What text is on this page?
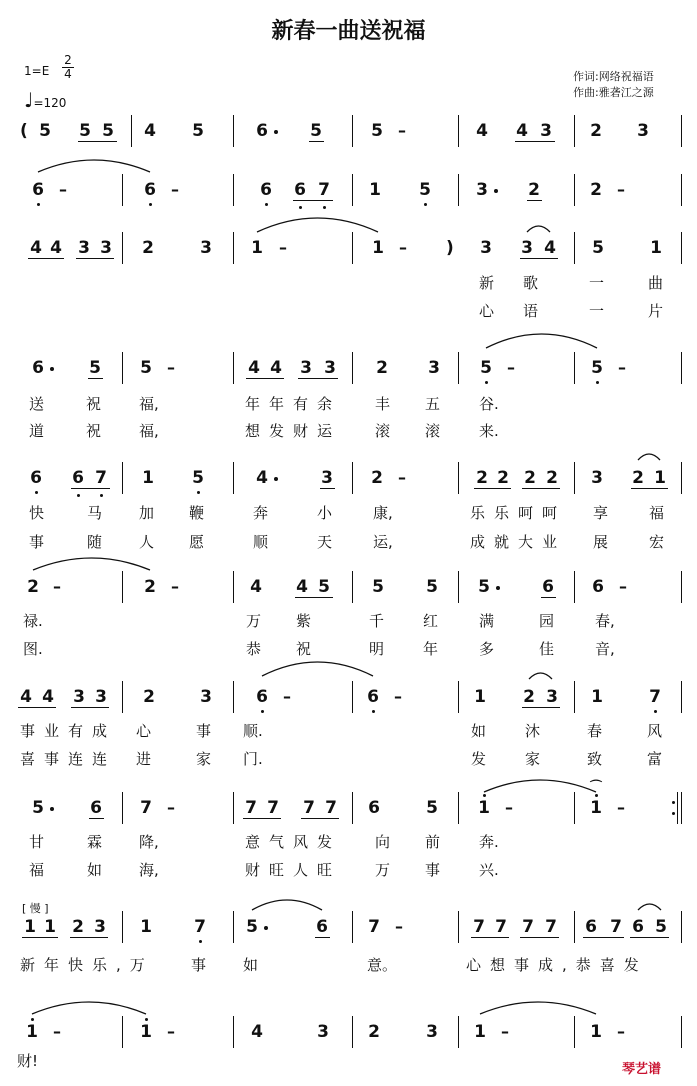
新春一曲送祝福
1=E
2
4
♩=120
作词:网络祝福语
作曲:雅砻江之源
( 5 5 5 4 5	6 5	5 –	4 4 3 2 3
6 –	6 –	6 6 7 1 5	3 2	2 –
4 4 3 3 2	3 1 –	1 – ) 3 3 4 5	1
新 歌	一	曲
心 语	一	片
6	5 5 –	4 4 3 3 2 3 5 –	5 –
送	祝	福,	年年有余 丰 五	谷.
道	祝	福,	想发财运 滚 滚	来.
6 6 7 1 5	4	3 2 –	2 2 2 2 3 2 1
快	马 加 鞭	奔	小	康,	乐乐呵呵 享	福
事	随 人 愿	顺	天	运,	成就大业 展	宏
2 –	2 –	4 4 5 5 5 5	6 6 –
禄.	万 紫	千	红	满	园	春,
图.	恭 祝	明	年	多	佳	音,
4 4 3 3 2	3	6 –	6 –	1 2 3 1	7
事业有成 心	事 顺.	如	沐	春	风
喜事连连 进	家 门.	发	家	致	富
5	6 7 –	7 7 7 7 6	5 1 –	1 –
⌒
甘	霖 降,	意气风发 向 前	奔.
福	如 海,	财旺人旺 万 事	兴.
1 1 2 3 1 7 5	6 7 –	7 7 7 7 6 7 6 5
新年快乐,万 事 如	意。	心想事成,恭喜发
1 –	1 –	4	3 2	3 1 –	1 –
财!
[ 慢 ]
琴艺谱
